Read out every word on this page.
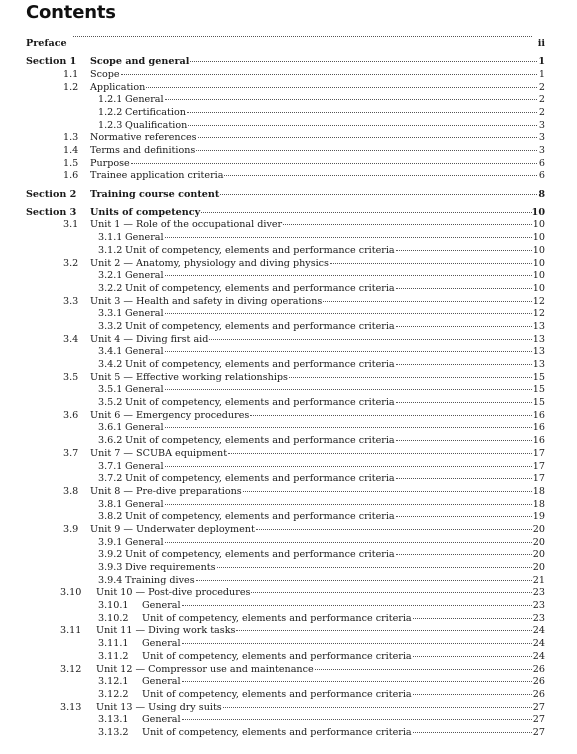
Contents
Preface	ii
Section 1 Scope and general	1
1.1 Scope	1
1.2 Application	2
1.2.1 General	2
1.2.2 Certification	2
1.2.3 Qualification	3
1.3 Normative references	3
1.4 Terms and definitions	3
1.5 Purpose	6
1.6 Trainee application criteria	6
Section 2 Training course content	8
Section 3 Units of competency	10
3.1 Unit 1 — Role of the occupational diver	10
3.1.1 General	10
3.1.2 Unit of competency, elements and performance criteria	10
3.2 Unit 2 — Anatomy, physiology and diving physics	10
3.2.1 General	10
3.2.2 Unit of competency, elements and performance criteria	10
3.3 Unit 3 — Health and safety in diving operations	12
3.3.1 General	12
3.3.2 Unit of competency, elements and performance criteria	13
3.4 Unit 4 — Diving first aid	13
3.4.1 General	13
3.4.2 Unit of competency, elements and performance criteria	13
3.5 Unit 5 — Effective working relationships	15
3.5.1 General	15
3.5.2 Unit of competency, elements and performance criteria	15
3.6 Unit 6 — Emergency procedures	16
3.6.1 General	16
3.6.2 Unit of competency, elements and performance criteria	16
3.7 Unit 7 — SCUBA equipment	17
3.7.1 General	17
3.7.2 Unit of competency, elements and performance criteria	17
3.8 Unit 8 — Pre-dive preparations	18
3.8.1 General	18
3.8.2 Unit of competency, elements and performance criteria	19
3.9 Unit 9 — Underwater deployment	20
3.9.1 General	20
3.9.2 Unit of competency, elements and performance criteria	20
3.9.3 Dive requirements	20
3.9.4 Training dives	21
3.10 Unit 10 — Post-dive procedures	23
3.10.1 General	23
3.10.2 Unit of competency, elements and performance criteria	23
3.11 Unit 11 — Diving work tasks	24
3.11.1 General	24
3.11.2 Unit of competency, elements and performance criteria	24
3.12 Unit 12 — Compressor use and maintenance	26
3.12.1 General	26
3.12.2 Unit of competency, elements and performance criteria	26
3.13 Unit 13 — Using dry suits	27
3.13.1 General	27
3.13.2 Unit of competency, elements and performance criteria	27
